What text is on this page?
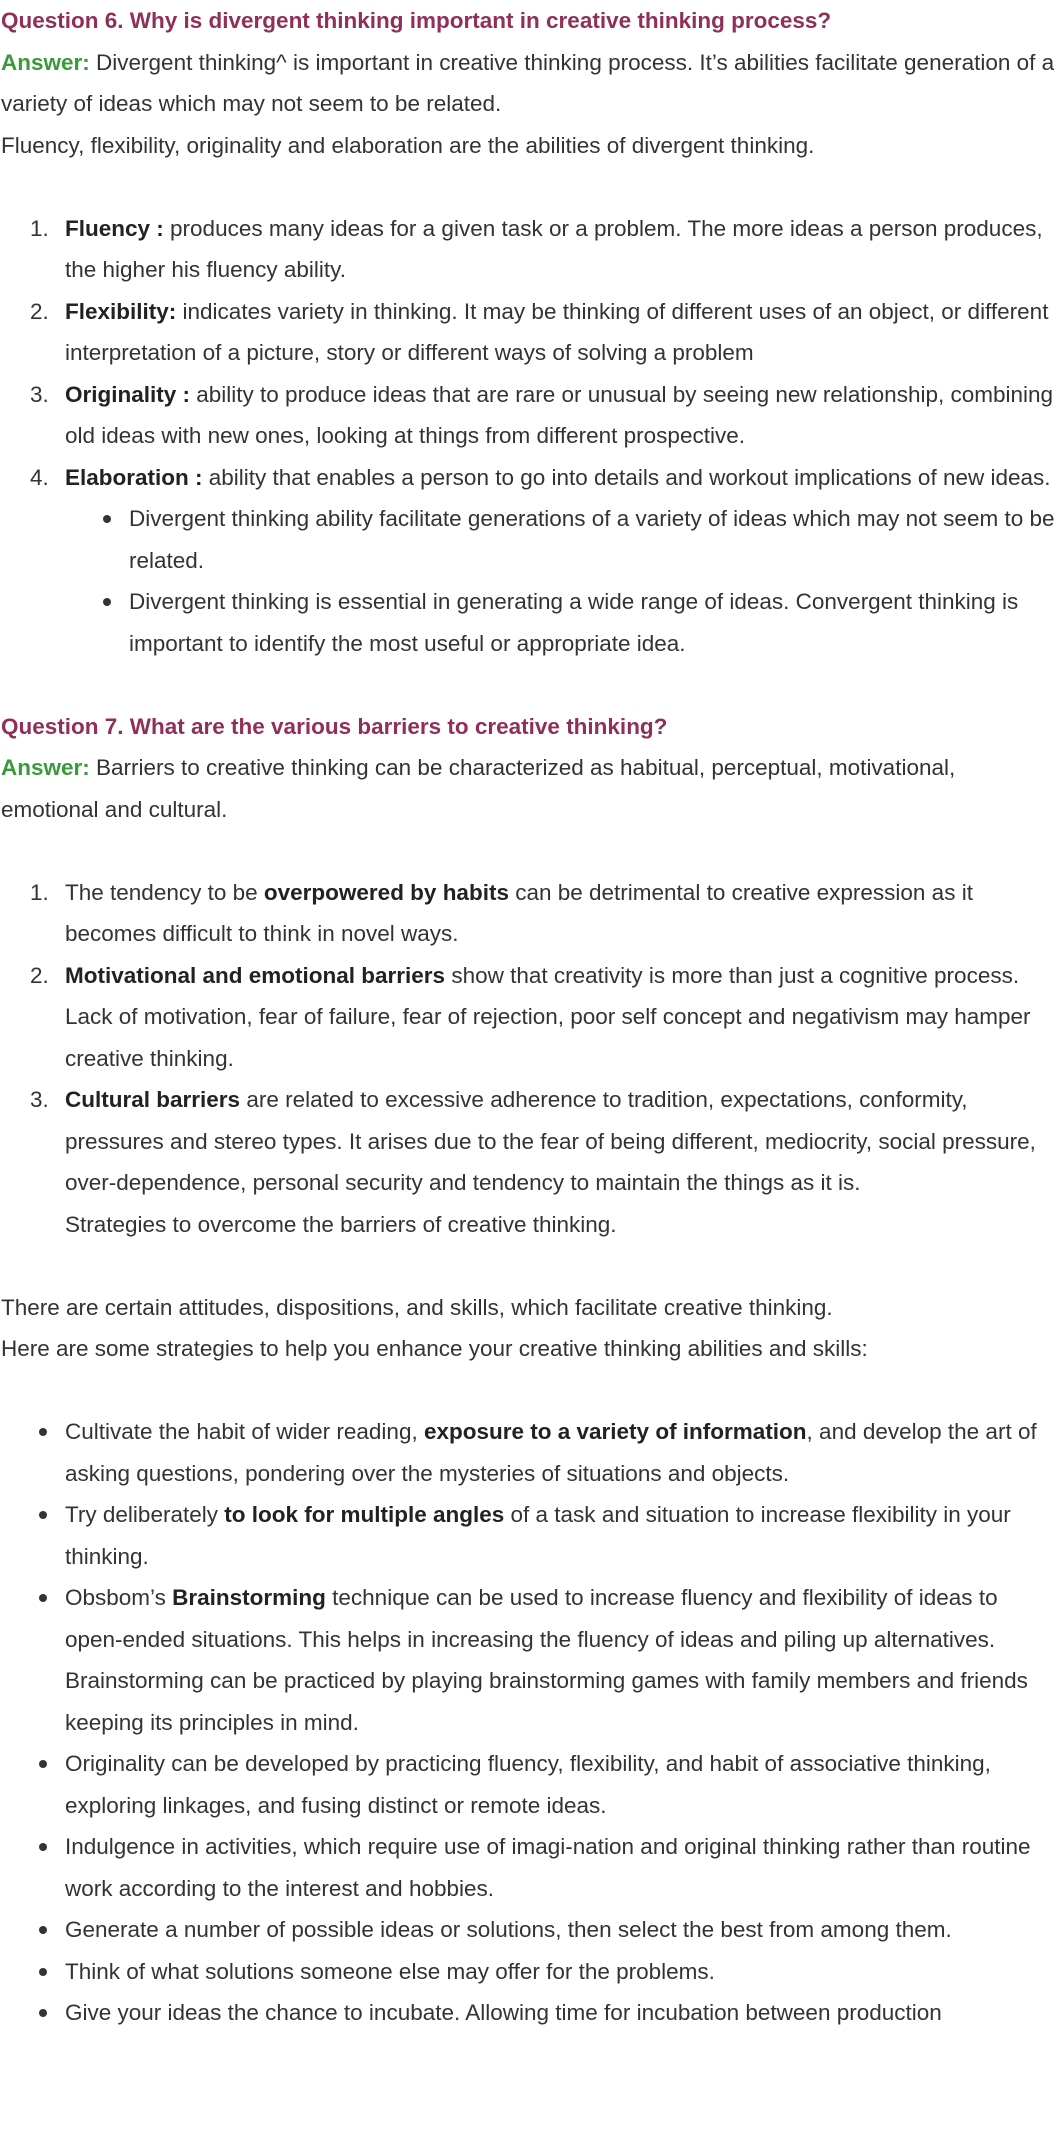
Question 6. Why is divergent thinking important in creative thinking process?

Answer: Divergent thinking^ is important in creative thinking process. It’s abilities facilitate generation of a variety of ideas which may not seem to be related.

Fluency, flexibility, originality and elaboration are the abilities of divergent thinking.

1. Fluency : produces many ideas for a given task or a problem. The more ideas a person produces, the higher his fluency ability.
2. Flexibility: indicates variety in thinking. It may be thinking of different uses of an object, or different interpretation of a picture, story or different ways of solving a problem
3. Originality : ability to produce ideas that are rare or unusual by seeing new relationship, combining old ideas with new ones, looking at things from different prospective.
4. Elaboration : ability that enables a person to go into details and workout implications of new ideas.
Divergent thinking ability facilitate generations of a variety of ideas which may not seem to be related.
Divergent thinking is essential in generating a wide range of ideas. Convergent thinking is important to identify the most useful or appropriate idea.

Question 7. What are the various barriers to creative thinking?

Answer: Barriers to creative thinking can be characterized as habitual, perceptual, motivational, emotional and cultural.

1. The tendency to be overpowered by habits can be detrimental to creative expression as it becomes difficult to think in novel ways.
2. Motivational and emotional barriers show that creativity is more than just a cognitive process. Lack of motivation, fear of failure, fear of rejection, poor self concept and negativism may hamper creative thinking.
3. Cultural barriers are related to excessive adherence to tradition, expectations, conformity, pressures and stereo types. It arises due to the fear of being different, mediocrity, social pressure, over-dependence, personal security and tendency to maintain the things as it is.
Strategies to overcome the barriers of creative thinking.

There are certain attitudes, dispositions, and skills, which facilitate creative thinking.

Here are some strategies to help you enhance your creative thinking abilities and skills:

Cultivate the habit of wider reading, exposure to a variety of information, and develop the art of asking questions, pondering over the mysteries of situations and objects.
Try deliberately to look for multiple angles of a task and situation to increase flexibility in your thinking.
Obsbom’s Brainstorming technique can be used to increase fluency and flexibility of ideas to open-ended situations. This helps in increasing the fluency of ideas and piling up alternatives. Brainstorming can be practiced by playing brainstorming games with family members and friends keeping its principles in mind.
Originality can be developed by practicing fluency, flexibility, and habit of associative thinking, exploring linkages, and fusing distinct or remote ideas.
Indulgence in activities, which require use of imagi-nation and original thinking rather than routine work according to the interest and hobbies.
Generate a number of possible ideas or solutions, then select the best from among them.
Think of what solutions someone else may offer for the problems.
Give your ideas the chance to incubate. Allowing time for incubation between production
